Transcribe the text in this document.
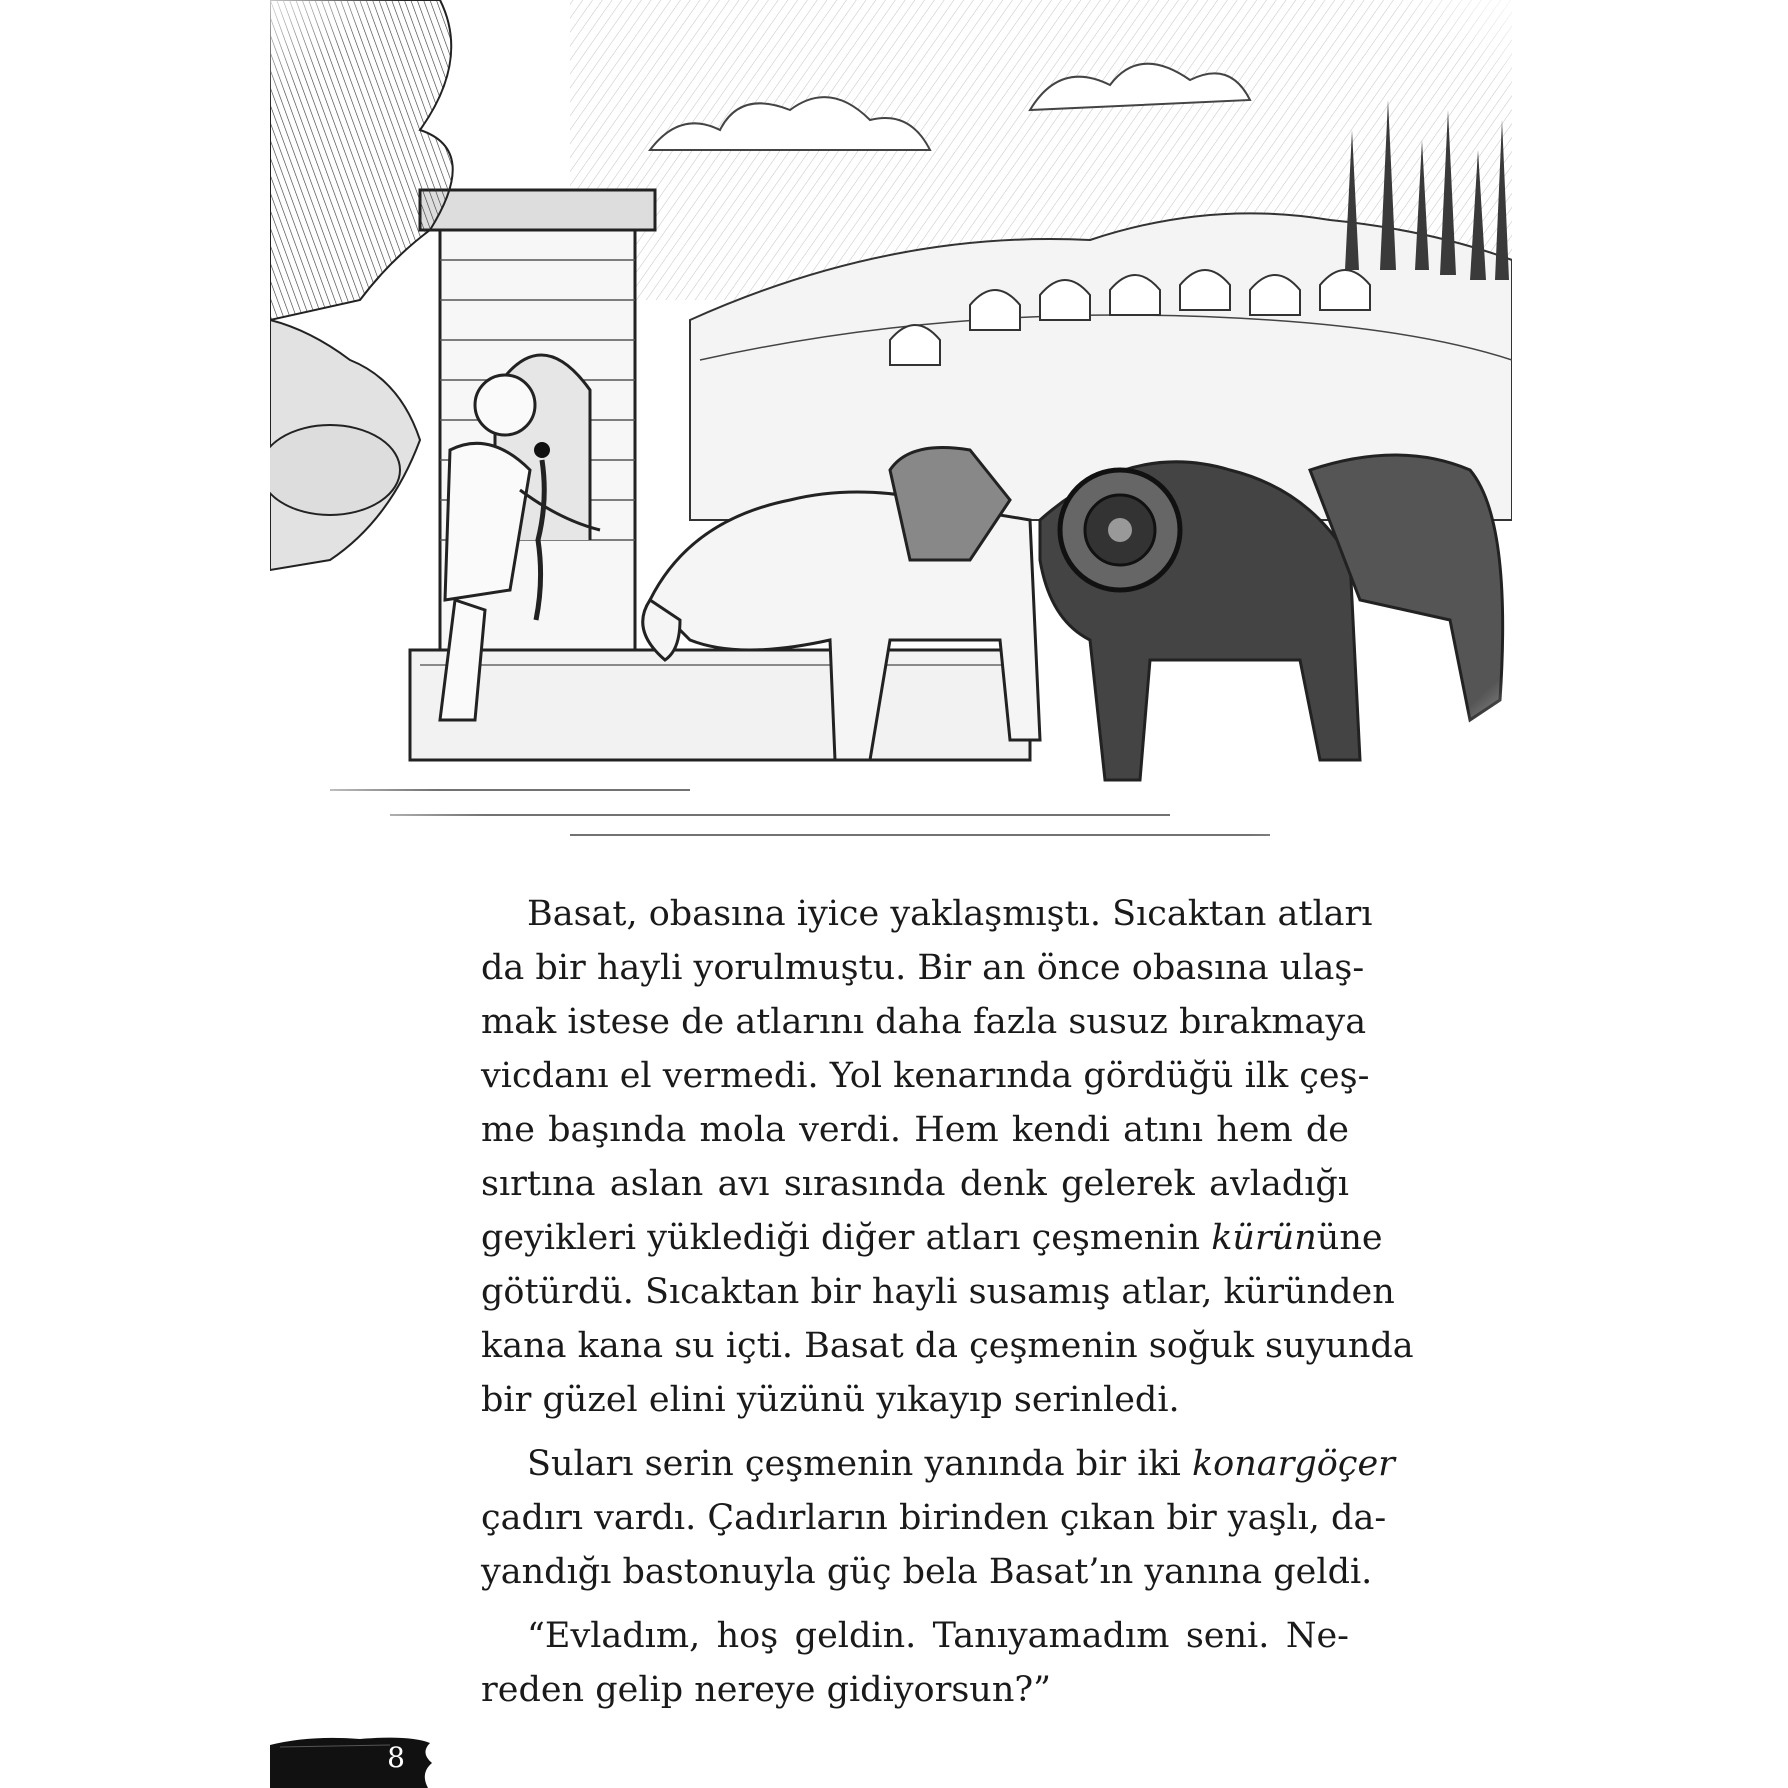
Basat, obasına iyice yaklaşmıştı. Sıcaktan atları
da bir hayli yorulmuştu. Bir an önce obasına ulaş-
mak istese de atlarını daha fazla susuz bırakmaya
vicdanı el vermedi. Yol kenarında gördüğü ilk çeş-
me başında mola verdi. Hem kendi atını hem de
sırtına aslan avı sırasında denk gelerek avladığı
geyikleri yüklediği diğer atları çeşmenin kürününe
götürdü. Sıcaktan bir hayli susamış atlar, küründen
kana kana su içti. Basat da çeşmenin soğuk suyunda
bir güzel elini yüzünü yıkayıp serinledi.
Suları serin çeşmenin yanında bir iki konargöçer
çadırı vardı. Çadırların birinden çıkan bir yaşlı, da-
yandığı bastonuyla güç bela Basat’ın yanına geldi.
“Evladım, hoş geldin. Tanıyamadım seni. Ne-
reden gelip nereye gidiyorsun?”
8
